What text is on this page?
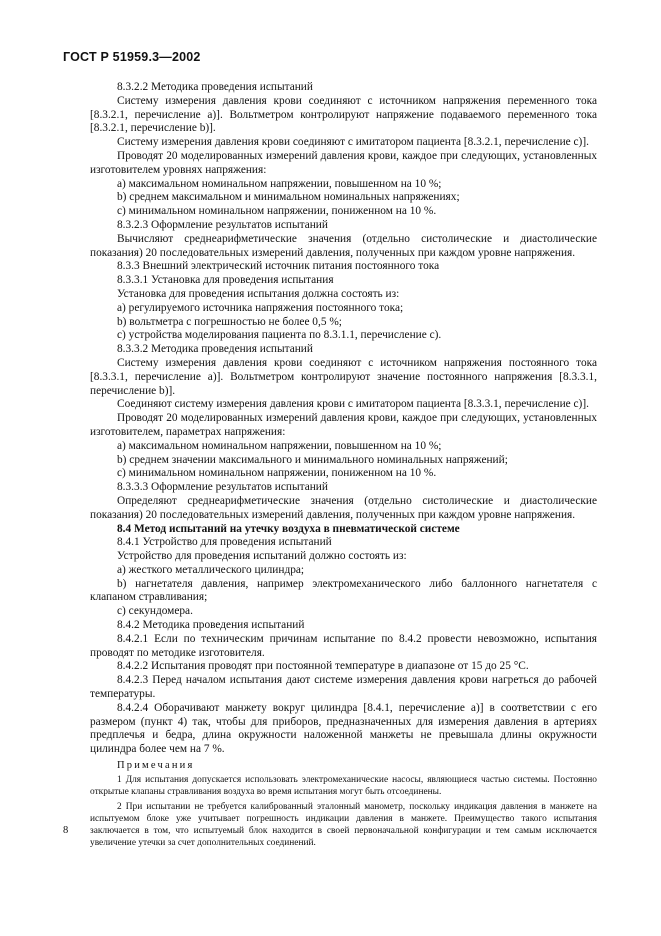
ГОСТ Р 51959.3—2002

8.3.2.2 Методика проведения испытаний

Систему измерения давления крови соединяют с источником напряжения переменного тока [8.3.2.1, перечисление а)]. Вольтметром контролируют напряжение подаваемого переменного тока [8.3.2.1, перечисление b)].

Систему измерения давления крови соединяют с имитатором пациента [8.3.2.1, перечисление с)].

Проводят 20 моделированных измерений давления крови, каждое при следующих, установленных изготовителем уровнях напряжения:

а) максимальном номинальном напряжении, повышенном на 10 %;

b) среднем максимальном и минимальном номинальных напряжениях;

с) минимальном номинальном напряжении, пониженном на 10 %.

8.3.2.3 Оформление результатов испытаний

Вычисляют среднеарифметические значения (отдельно систолические и диастолические показания) 20 последовательных измерений давления, полученных при каждом уровне напряжения.

8.3.3 Внешний электрический источник питания постоянного тока

8.3.3.1 Установка для проведения испытания

Установка для проведения испытания должна состоять из:

а) регулируемого источника напряжения постоянного тока;

b) вольтметра с погрешностью не более 0,5 %;

с) устройства моделирования пациента по 8.3.1.1, перечисление с).

8.3.3.2 Методика проведения испытаний

Систему измерения давления крови соединяют с источником напряжения постоянного тока [8.3.3.1, перечисление а)]. Вольтметром контролируют значение постоянного напряжения [8.3.3.1, перечисление b)].

Соединяют систему измерения давления крови с имитатором пациента [8.3.3.1, перечисление с)].

Проводят 20 моделированных измерений давления крови, каждое при следующих, установленных изготовителем, параметрах напряжения:

а) максимальном номинальном напряжении, повышенном на 10 %;

b) среднем значении максимального и минимального номинальных напряжений;

с) минимальном номинальном напряжении, пониженном на 10 %.

8.3.3.3 Оформление результатов испытаний

Определяют среднеарифметические значения (отдельно систолические и диастолические показания) 20 последовательных измерений давления, полученных при каждом уровне напряжения.

8.4 Метод испытаний на утечку воздуха в пневматической системе

8.4.1 Устройство для проведения испытаний

Устройство для проведения испытаний должно состоять из:

а) жесткого металлического цилиндра;

b) нагнетателя давления, например электромеханического либо баллонного нагнетателя с клапаном стравливания;

с) секундомера.

8.4.2 Методика проведения испытаний

8.4.2.1 Если по техническим причинам испытание по 8.4.2 провести невозможно, испытания проводят по методике изготовителя.

8.4.2.2 Испытания проводят при постоянной температуре в диапазоне от 15 до 25 °С.

8.4.2.3 Перед началом испытания дают системе измерения давления крови нагреться до рабочей температуры.

8.4.2.4 Оборачивают манжету вокруг цилиндра [8.4.1, перечисление а)] в соответствии с его размером (пункт 4) так, чтобы для приборов, предназначенных для измерения давления в артериях предплечья и бедра, длина окружности наложенной манжеты не превышала длины окружности цилиндра более чем на 7 %.

Примечания

1 Для испытания допускается использовать электромеханические насосы, являющиеся частью системы. Постоянно открытые клапаны стравливания воздуха во время испытания могут быть отсоединены.

2 При испытании не требуется калиброванный эталонный манометр, поскольку индикация давления в манжете на испытуемом блоке уже учитывает погрешность индикации давления в манжете. Преимущество такого испытания заключается в том, что испытуемый блок находится в своей первоначальной конфигурации и тем самым исключается увеличение утечки за счет дополнительных соединений.

8
